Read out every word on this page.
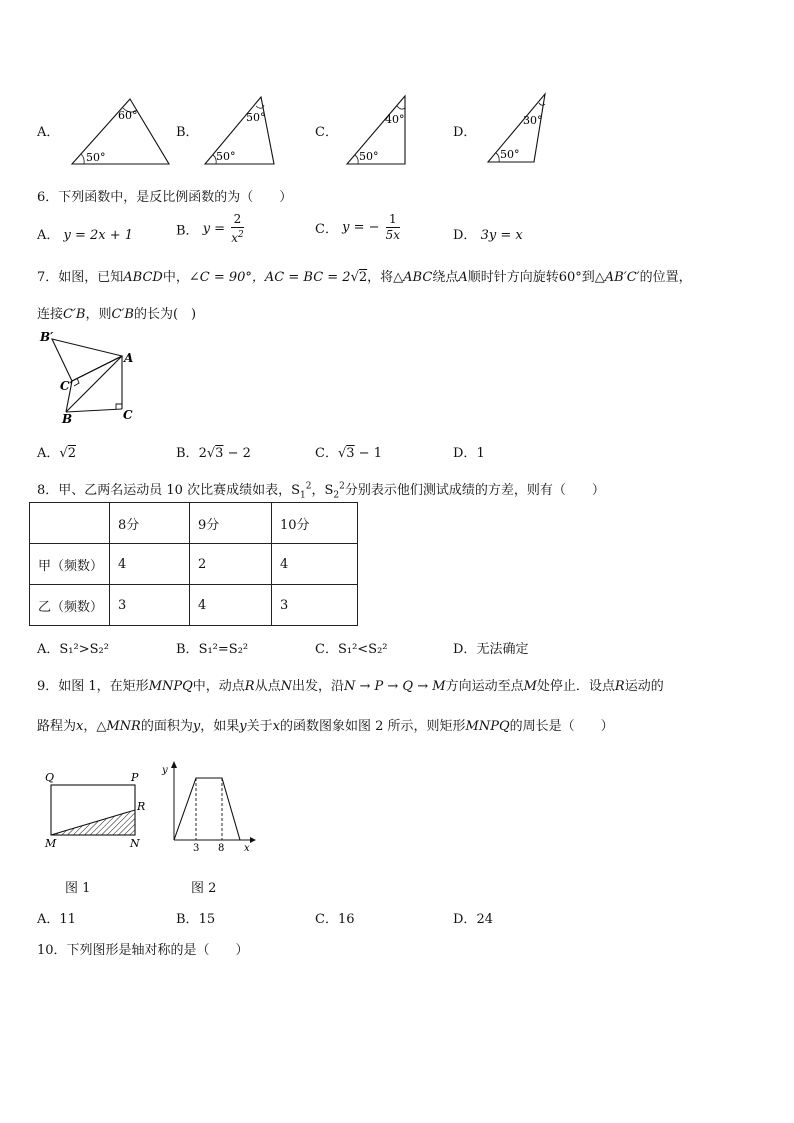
A．
60°
50°
B．
50°
50°
C．
40°
50°
D．
30°
50°
6．下列函数中，是反比例函数的为（　　）
A． y = 2x + 1	B． $y = \frac{2}{x^2}$	C． y = − $\frac{1}{5x}$	D． 3y = x
7．如图，已知ABCD中，∠C = 90°，AC = BC = 2√2，将△ABC绕点A顺时针方向旋转60°到△AB′C′的位置，
连接C′B，则C′B的长为(　)
B′
A
C′
B	C
A．√2	B．2√3 − 2	C．√3 − 1	D．1
8．甲、乙两名运动员 10 次比赛成绩如表，$S_1^2$，$S_2^2$分别表示他们测试成绩的方差，则有（　　）
	8分	9分	10分
甲（频数）	4	2	4
乙（频数）	3	4	3
A．S₁²>S₂²	B．S₁²=S₂²	C．S₁²<S₂²	D．无法确定
9．如图 1，在矩形MNPQ中，动点R从点N出发，沿N → P → Q → M方向运动至点M处停止．设点R运动的
路程为x，△MNR的面积为y，如果y关于x的函数图象如图 2 所示，则矩形MNPQ的周长是（　　）
Q	P
R
M	N
y
x
3 8
图 1	图 2
A．11	B．15	C．16	D．24
10．下列图形是轴对称的是（　　）
